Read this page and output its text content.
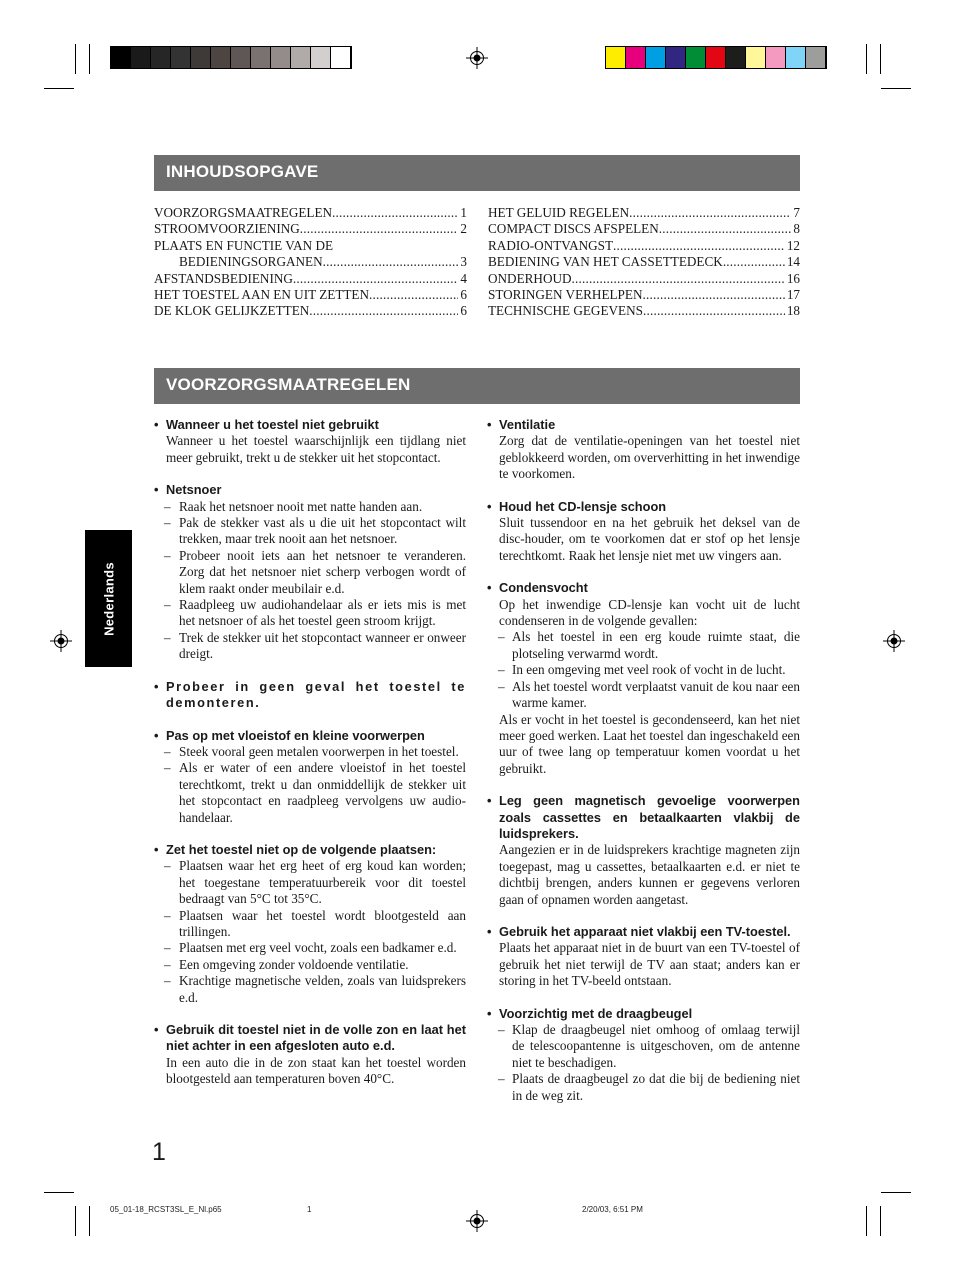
INHOUDSOPGAVE
VOORZORGSMAATREGELEN .....	1
STROOMVOORZIENING .....	2
PLAATS EN FUNCTIE VAN DE
BEDIENINGSORGANEN .....	3
AFSTANDSBEDIENING .....	4
HET TOESTEL AAN EN UIT ZETTEN .....	6
DE KLOK GELIJKZETTEN .....	6
HET GELUID REGELEN .....	7
COMPACT DISCS AFSPELEN .....	8
RADIO-ONTVANGST .....	12
BEDIENING VAN HET CASSETTEDECK .....	14
ONDERHOUD .....	16
STORINGEN VERHELPEN .....	17
TECHNISCHE GEGEVENS .....	18
VOORZORGSMAATREGELEN
• Wanneer u het toestel niet gebruikt
Wanneer u het toestel waarschijnlijk een tijdlang niet meer gebruikt, trekt u de stekker uit het stopcontact.
• Netsnoer
– Raak het netsnoer nooit met natte handen aan.
– Pak de stekker vast als u die uit het stopcontact wilt trekken, maar trek nooit aan het netsnoer.
– Probeer nooit iets aan het netsnoer te veranderen. Zorg dat het netsnoer niet scherp verbogen wordt of klem raakt onder meubilair e.d.
– Raadpleeg uw audiohandelaar als er iets mis is met het netsnoer of als het toestel geen stroom krijgt.
– Trek de stekker uit het stopcontact wanneer er onweer dreigt.
• Probeer in geen geval het toestel te demonteren.
• Pas op met vloeistof en kleine voorwerpen
– Steek vooral geen metalen voorwerpen in het toestel.
– Als er water of een andere vloeistof in het toestel terechtkomt, trekt u dan onmiddellijk de stekker uit het stopcontact en raadpleeg vervolgens uw audio-handelaar.
• Zet het toestel niet op de volgende plaatsen:
– Plaatsen waar het erg heet of erg koud kan worden; het toegestane temperatuurbereik voor dit toestel bedraagt van 5°C tot 35°C.
– Plaatsen waar het toestel wordt blootgesteld aan trillingen.
– Plaatsen met erg veel vocht, zoals een badkamer e.d.
– Een omgeving zonder voldoende ventilatie.
– Krachtige magnetische velden, zoals van luidsprekers e.d.
• Gebruik dit toestel niet in de volle zon en laat het niet achter in een afgesloten auto e.d.
In een auto die in de zon staat kan het toestel worden blootgesteld aan temperaturen boven 40°C.
• Ventilatie
Zorg dat de ventilatie-openingen van het toestel niet geblokkeerd worden, om oververhitting in het inwendige te voorkomen.
• Houd het CD-lensje schoon
Sluit tussendoor en na het gebruik het deksel van de disc-houder, om te voorkomen dat er stof op het lensje terechtkomt. Raak het lensje niet met uw vingers aan.
• Condensvocht
Op het inwendige CD-lensje kan vocht uit de lucht condenseren in de volgende gevallen:
– Als het toestel in een erg koude ruimte staat, die plotseling verwarmd wordt.
– In een omgeving met veel rook of vocht in de lucht.
– Als het toestel wordt verplaatst vanuit de kou naar een warme kamer.
Als er vocht in het toestel is gecondenseerd, kan het niet meer goed werken. Laat het toestel dan ingeschakeld een uur of twee lang op temperatuur komen voordat u het gebruikt.
• Leg geen magnetisch gevoelige voorwerpen zoals cassettes en betaalkaarten vlakbij de luidsprekers.
Aangezien er in de luidsprekers krachtige magneten zijn toegepast, mag u cassettes, betaalkaarten e.d. er niet te dichtbij brengen, anders kunnen er gegevens verloren gaan of opnamen worden aangetast.
• Gebruik het apparaat niet vlakbij een TV-toestel.
Plaats het apparaat niet in de buurt van een TV-toestel of gebruik het niet terwijl de TV aan staat; anders kan er storing in het TV-beeld ontstaan.
• Voorzichtig met de draagbeugel
– Klap de draagbeugel niet omhoog of omlaag terwijl de telescoopantenne is uitgeschoven, om de antenne niet te beschadigen.
– Plaats de draagbeugel zo dat die bij de bediening niet in de weg zit.
Nederlands
1
05_01-18_RCST3SL_E_Nl.p65	1	2/20/03, 6:51 PM
